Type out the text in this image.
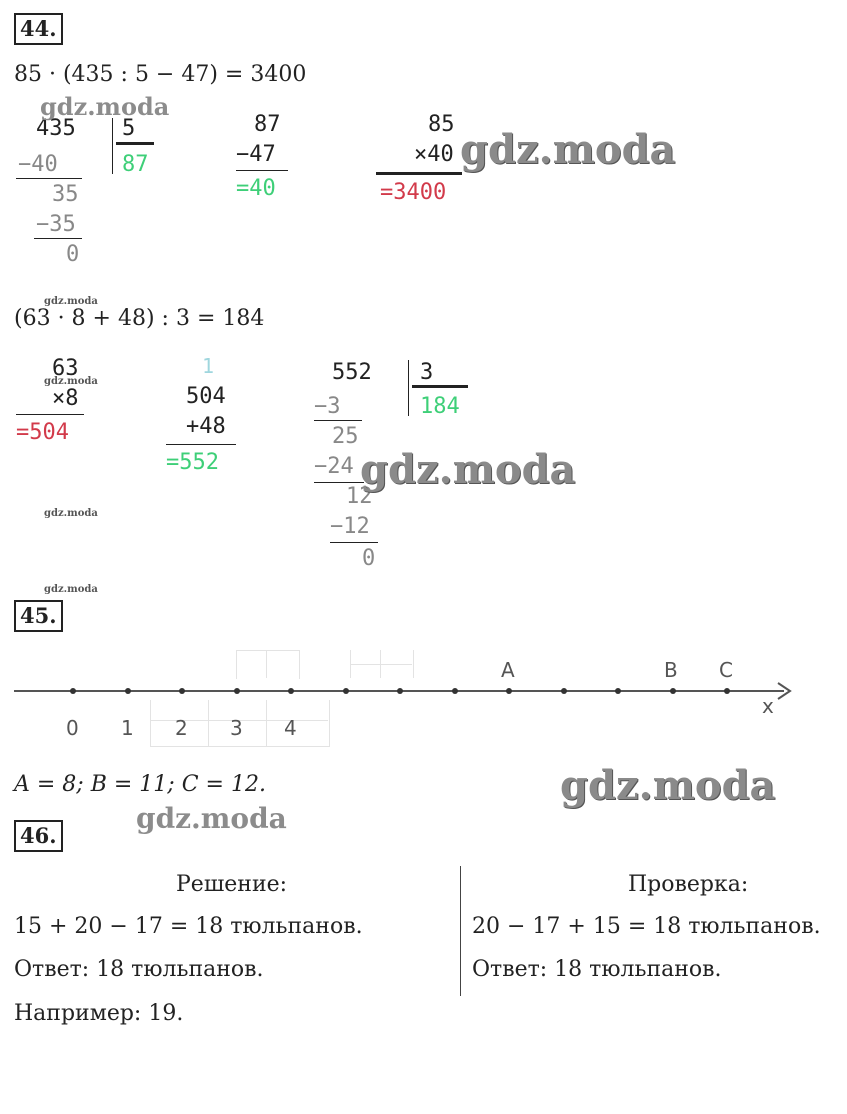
44.
85 · (435 : 5 − 47) = 3400
435 5
87
−40
35
−35
0
87
−47
=40
85
×40
=3400
(63 · 8 + 48) : 3 = 184
63
×8
=504
1
504
+48
=552
552 3
184
−3
25
−24
12
−12
0
45.
0 1 2 3 4
A	B C
x
A = 8; B = 11; C = 12.
46.
Решение:
15 + 20 − 17 = 18 тюльпанов.
Ответ: 18 тюльпанов.
Например: 19.
Проверка:
20 − 17 + 15 = 18 тюльпанов.
Ответ: 18 тюльпанов.
gdz.moda
gdz.moda
gdz.moda
gdz.moda
gdz.moda
gdz.moda
gdz.moda
gdz.moda
gdz.moda
